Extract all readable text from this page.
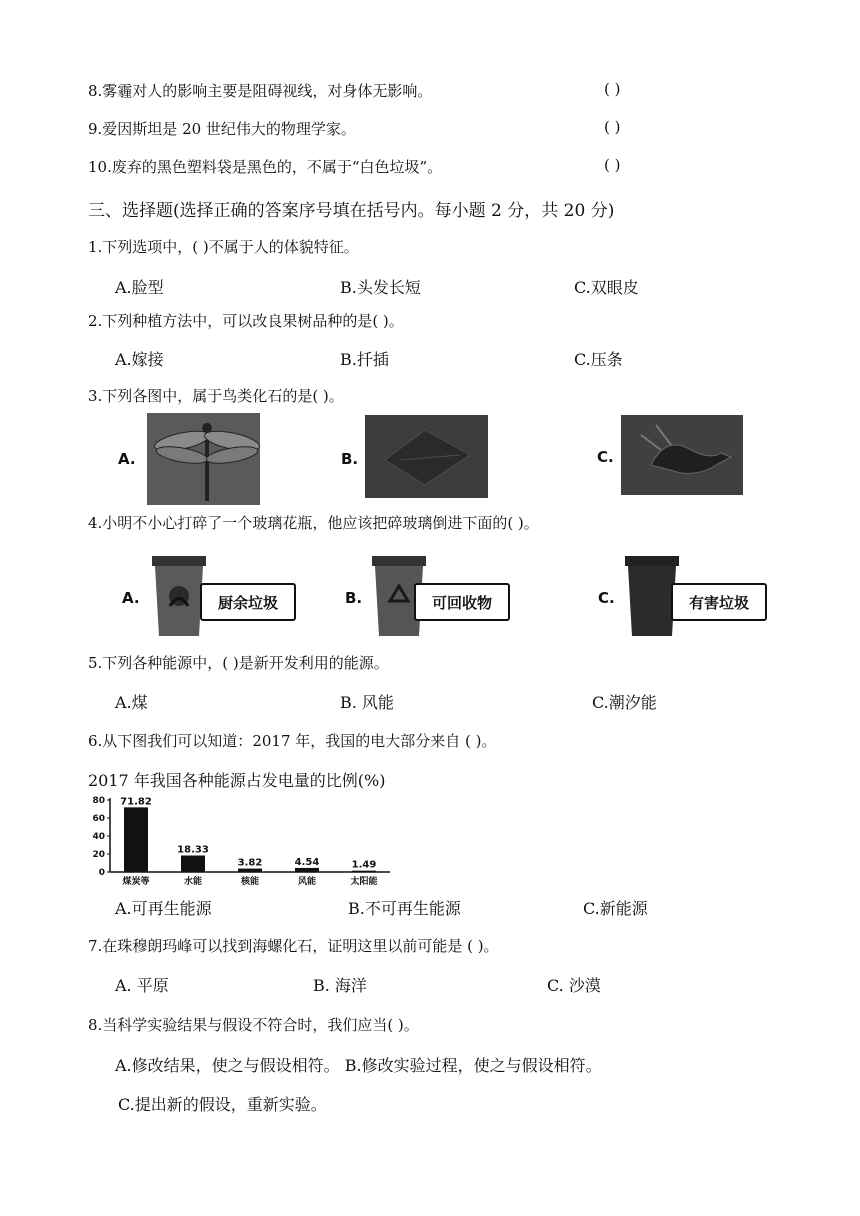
8.雾霾对人的影响主要是阻碍视线，对身体无影响。	( )
9.爱因斯坦是 20 世纪伟大的物理学家。	( )
10.废弃的黑色塑料袋是黑色的，不属于“白色垃圾”。	( )
三、选择题(选择正确的答案序号填在括号内。每小题 2 分，共 20 分)
1.下列选项中，( )不属于人的体貌特征。
A.脸型	B.头发长短	C.双眼皮
2.下列种植方法中，可以改良果树品种的是( )。
A.嫁接	B.扦插	C.压条
3.下列各图中，属于鸟类化石的是( )。
A.	B.	C.
4.小明不小心打碎了一个玻璃花瓶，他应该把碎玻璃倒进下面的( )。
A.	厨余垃圾	B.	可回收物	C.	有害垃圾
5.下列各种能源中，( )是新开发利用的能源。
A.煤	B. 风能	C.潮汐能
6.从下图我们可以知道：2017 年，我国的电大部分来自 ( )。
2017 年我国各种能源占发电量的比例(%)
0
20
40
60
80 71.82
煤炭等
18.33
水能
3.82
核能
4.54
风能
1.49
太阳能
A.可再生能源	B.不可再生能源	C.新能源
7.在珠穆朗玛峰可以找到海螺化石，证明这里以前可能是 ( )。
A. 平原	B. 海洋	C. 沙漠
8.当科学实验结果与假设不符合时，我们应当( )。
A.修改结果，使之与假设相符。 B.修改实验过程，使之与假设相符。
C.提出新的假设，重新实验。
